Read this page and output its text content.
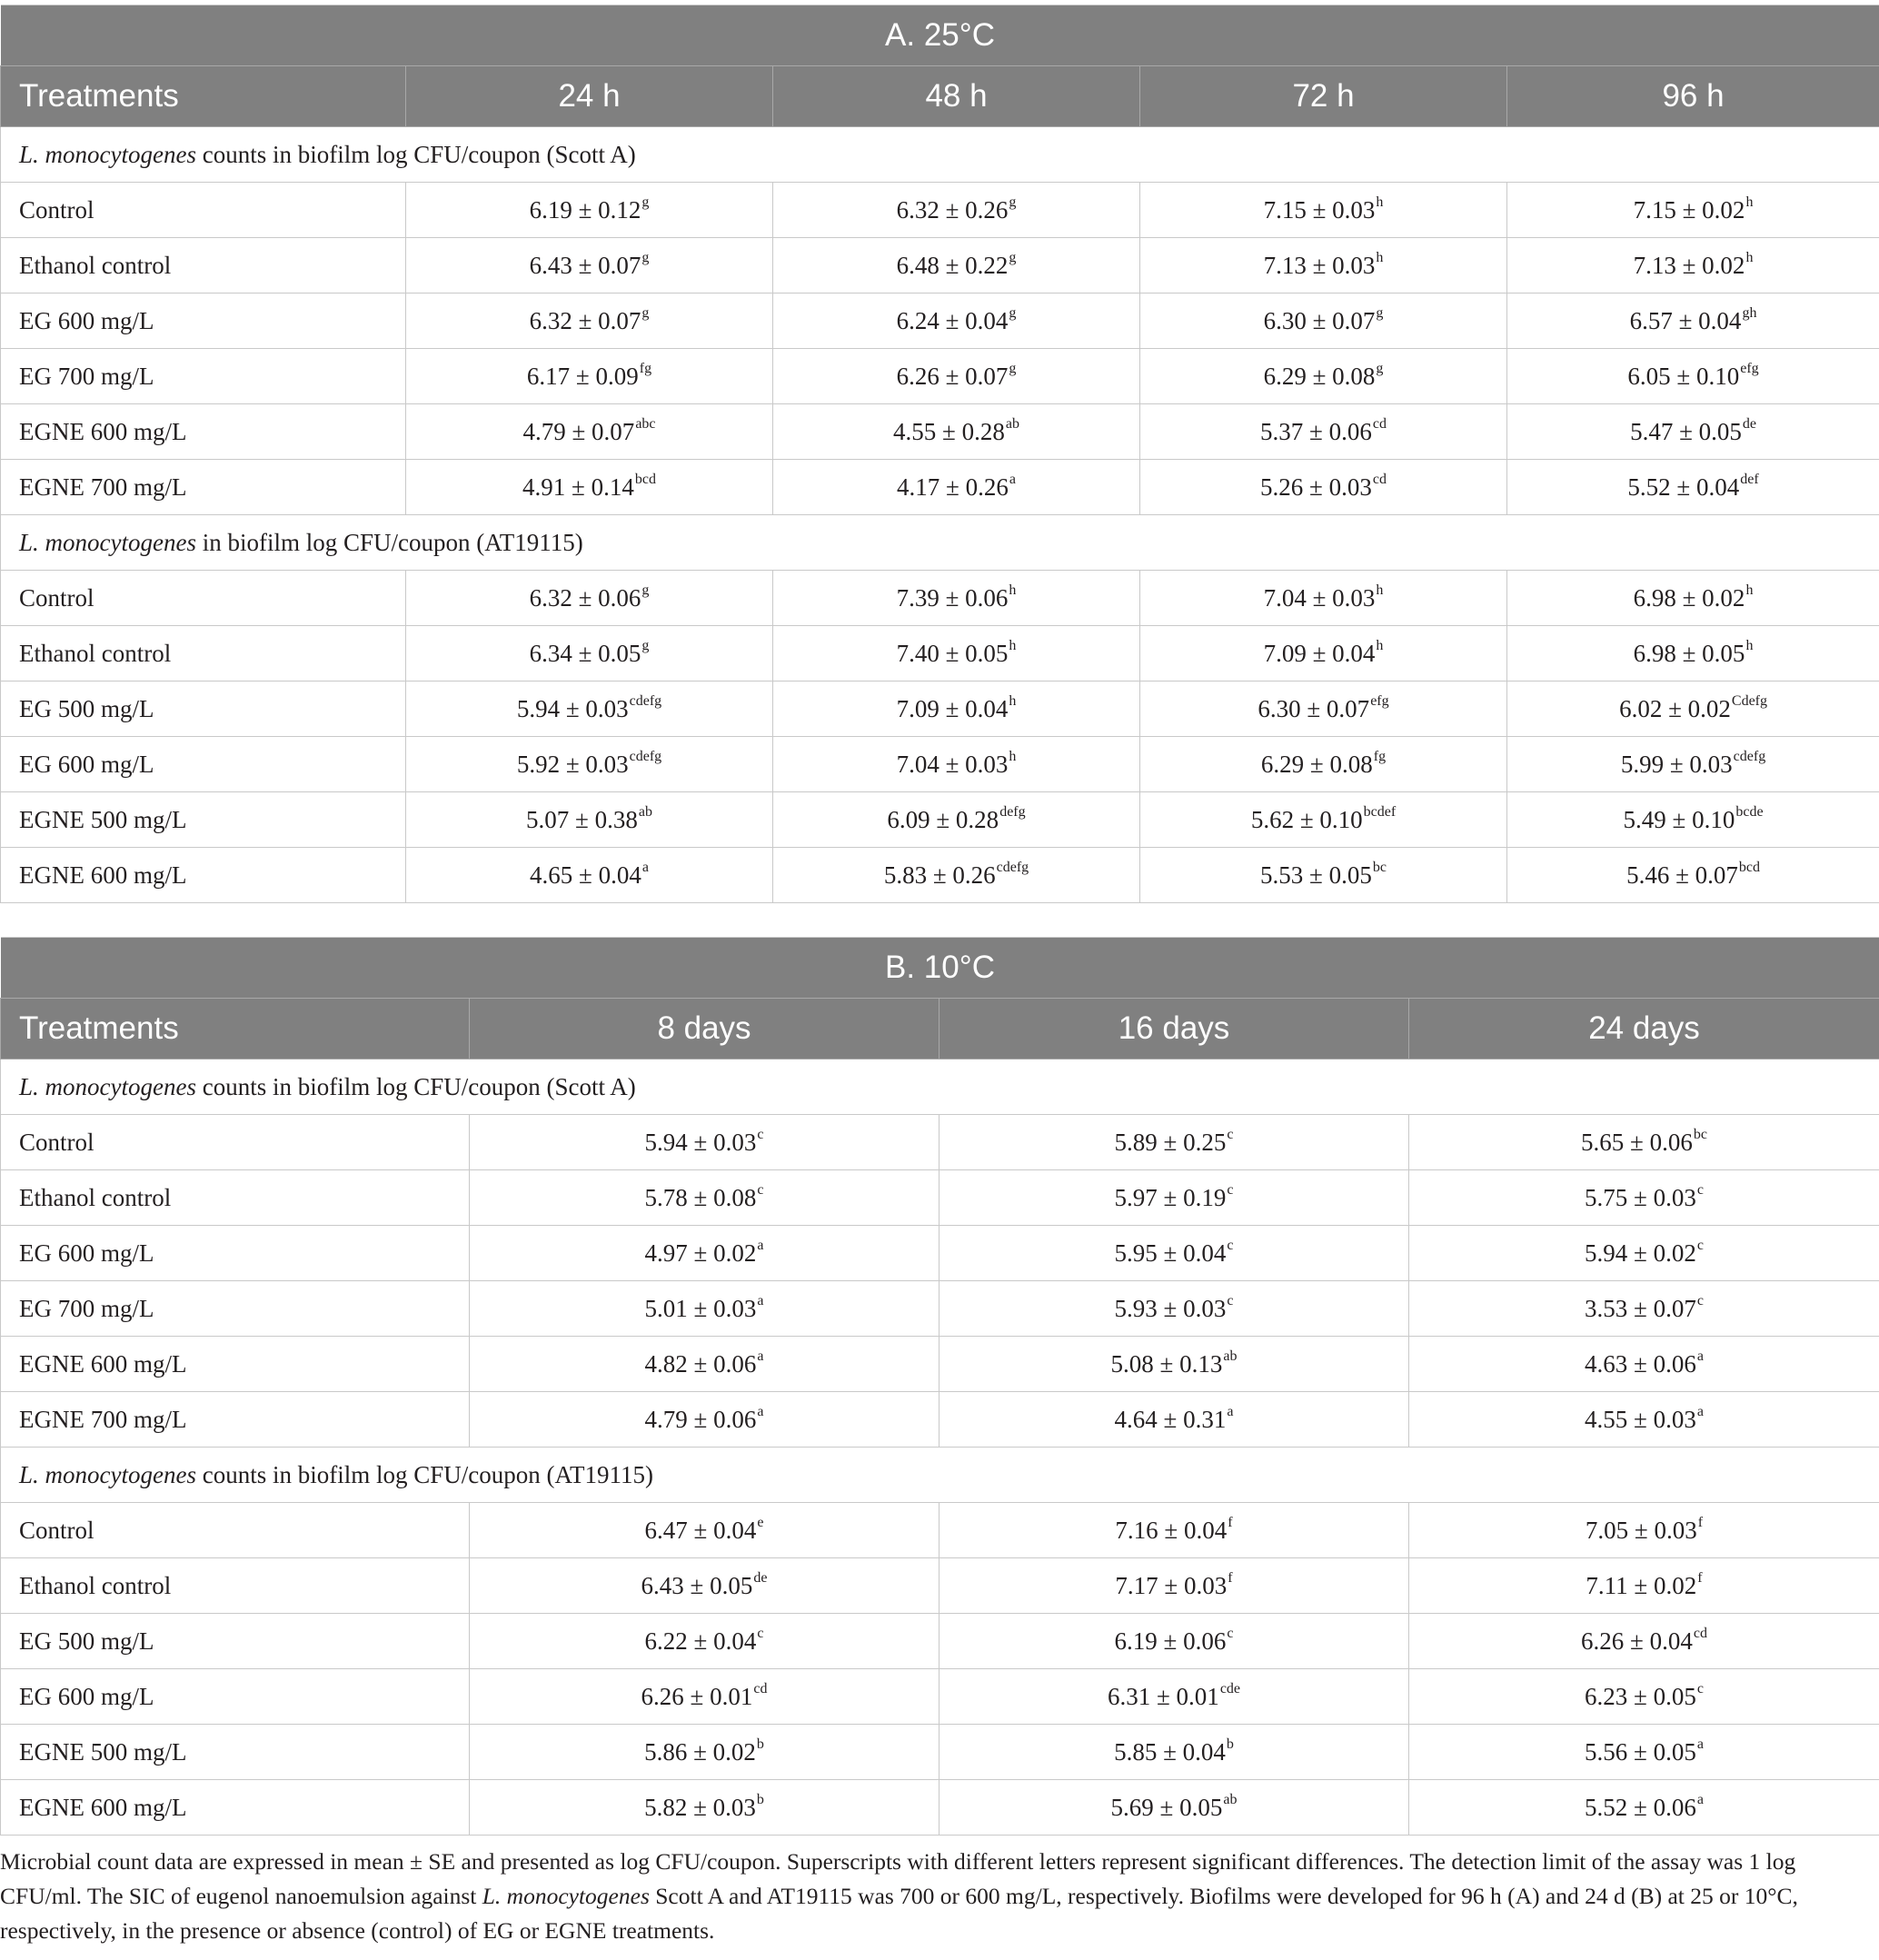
A. 25°C				
Treatments	24 h	48 h	72 h	96 h
L. monocytogenes counts in biofilm log CFU/coupon (Scott A)				
Control	6.19 ± 0.12$^g$	6.32 ± 0.26$^g$	7.15 ± 0.03$^h$	7.15 ± 0.02$^h$
Ethanol control	6.43 ± 0.07$^g$	6.48 ± 0.22$^g$	7.13 ± 0.03$^h$	7.13 ± 0.02$^h$
EG 600 mg/L	6.32 ± 0.07$^g$	6.24 ± 0.04$^g$	6.30 ± 0.07$^g$	6.57 ± 0.04$^{gh}$
EG 700 mg/L	6.17 ± 0.09$^{fg}$	6.26 ± 0.07$^g$	6.29 ± 0.08$^g$	6.05 ± 0.10$^{efg}$
EGNE 600 mg/L	4.79 ± 0.07$^{abc}$	4.55 ± 0.28$^{ab}$	5.37 ± 0.06$^{cd}$	5.47 ± 0.05de
EGNE 700 mg/L	4.91 ± 0.14$^{bcd}$	4.17 ± 0.26$^a$	5.26 ± 0.03$^{cd}$	5.52 ± 0.04$^{def}$
L. monocytogenes in biofilm log CFU/coupon (AT19115)				
Control	6.32 ± 0.06$^g$	7.39 ± 0.06$^h$	7.04 ± 0.03$^h$	6.98 ± 0.02$^h$
Ethanol control	6.34 ± 0.05$^g$	7.40 ± 0.05$^h$	7.09 ± 0.04$^h$	6.98 ± 0.05$^h$
EG 500 mg/L	$5.94 \pm 0.03^{cdefg}$	7.09 ± 0.04$^h$	6.30 ± 0.07$^{efg}$	$6.02 \pm 0.02^{Cdefg}$
EG 600 mg/L	$5.92 \pm 0.03^{cdefg}$	7.04 ± 0.03$^h$	6.29 ± 0.08$^{fg}$	$5.99 \pm 0.03^{cdefg}$
EGNE 500 mg/L	5.07 ± 0.38$^{ab}$	$6.09 \pm 0.28^{defg}$	$5.62 \pm 0.10^{bcdef}$	$5.49 \pm 0.10^{bcde}$
EGNE 600 mg/L	4.65 ± 0.04$^a$	$5.83 \pm 0.26^{cdefg}$	5.53 ± 0.05$^{bc}$	5.46 ± 0.07$^{bcd}$
B. 10°C			
Treatments	8 days	16 days	24 days
L. monocytogenes counts in biofilm log CFU/coupon (Scott A)			
Control	5.94 ± 0.03$^c$	5.89 ± 0.25$^c$	5.65 ± 0.06$^{bc}$
Ethanol control	5.78 ± 0.08$^c$	5.97 ± 0.19$^c$	5.75 ± 0.03$^c$
EG 600 mg/L	4.97 ± 0.02$^a$	5.95 ± 0.04$^c$	5.94 ± 0.02$^c$
EG 700 mg/L	5.01 ± 0.03$^a$	5.93 ± 0.03$^c$	3.53 ± 0.07$^c$
EGNE 600 mg/L	4.82 ± 0.06$^a$	5.08 ± 0.13$^{ab}$	4.63 ± 0.06$^a$
EGNE 700 mg/L	4.79 ± 0.06$^a$	4.64 ± 0.31$^a$	4.55 ± 0.03$^a$
L. monocytogenes counts in biofilm log CFU/coupon (AT19115)			
Control	6.47 ± 0.04$^e$	7.16 ± 0.04$^f$	7.05 ± 0.03$^f$
Ethanol control	6.43 ± 0.05de	7.17 ± 0.03$^f$	7.11 ± 0.02$^f$
EG 500 mg/L	6.22 ± 0.04$^c$	6.19 ± 0.06$^c$	6.26 ± 0.04$^{cd}$
EG 600 mg/L	6.26 ± 0.01$^{cd}$	6.31 ± 0.01$^{cde}$	6.23 ± 0.05$^c$
EGNE 500 mg/L	5.86 ± 0.02$^b$	5.85 ± 0.04$^b$	5.56 ± 0.05$^a$
EGNE 600 mg/L	5.82 ± 0.03$^b$	5.69 ± 0.05$^{ab}$	5.52 ± 0.06$^a$
Microbial count data are expressed in mean ± SE and presented as log CFU/coupon. Superscripts with different letters represent significant differences. The detection limit of the assay was 1 log CFU/ml. The SIC of eugenol nanoemulsion against L. monocytogenes Scott A and AT19115 was 700 or 600 mg/L, respectively. Biofilms were developed for 96 h (A) and 24 d (B) at 25 or 10°C, respectively, in the presence or absence (control) of EG or EGNE treatments.
